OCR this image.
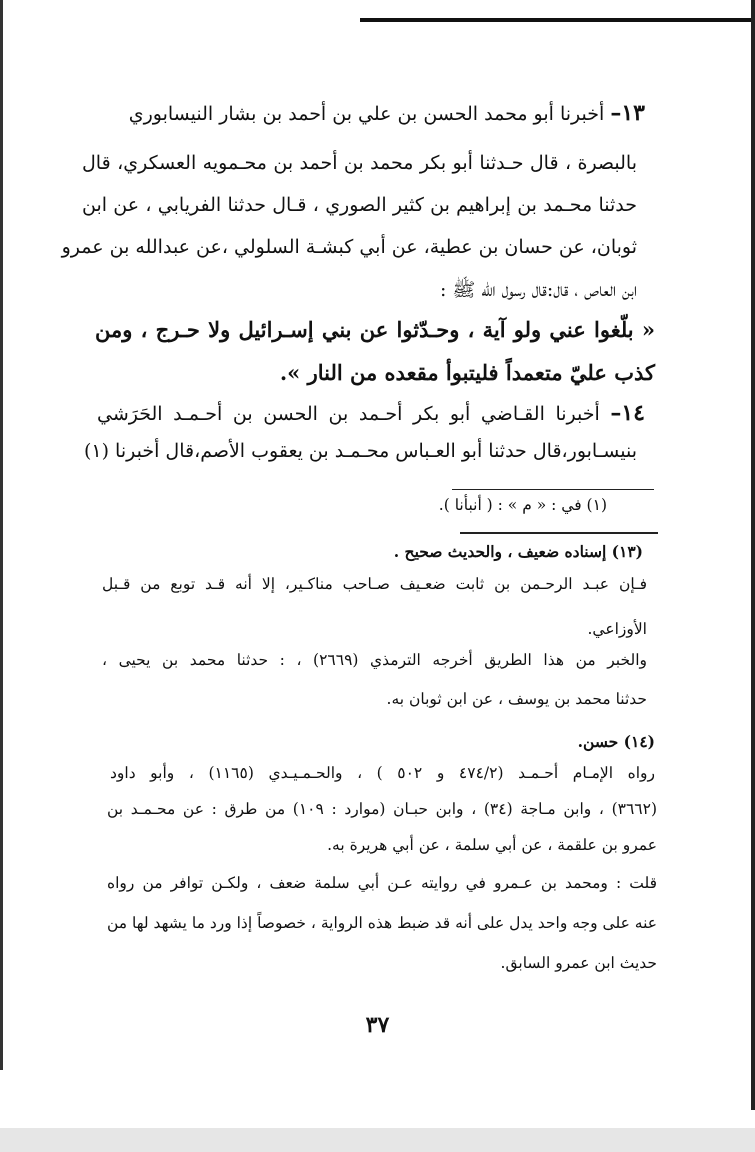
١٣– أخبرنا أبو محمد الحسن بن علي بن أحمد بن بشار النيسابوري
بالبصرة ، قال حـدثنا أبو بكر محمد بن أحمد بن محـمويه العسكري، قال
حدثنا محـمد بن إبراهيم بن كثير الصوري ، قـال حدثنا الفريابي ، عن ابن
ثوبان، عن حسان بن عطية، عن أبي كبشـة السلولي ،عن عبدالله بن عمرو
ابن العاص ، قال:قال رسول الله ﷺ :
« بلّغوا عني ولو آية ، وحـدّثوا عن بني إسـرائيل ولا حـرج ، ومن
كذب عليّ متعمداً فليتبوأ مقعده من النار ».
١٤– أخبرنا القـاضي أبو بكر أحـمد بن الحسن بن أحـمـد الحَرَشي
بنيسـابور،قال حدثنا أبو العـباس محـمـد بن يعقوب الأصم،قال أخبرنا (١)
(١) في : « م » : ( أنبأنا ).
(١٣) إسناده ضعيف ، والحديث صحيح .
فـإن عبـد الرحـمن بن ثابت ضعـيف صـاحب مناكـير، إلا أنه قـد توبع من قـبل
الأوزاعي.
والخبر من هذا الطريق أخرجه الترمذي (٢٦٦٩) ، : حدثنا محمد بن يحيى ،
حدثنا محمد بن يوسف ، عن ابن ثوبان به.
(١٤) حسن.
رواه الإمـام أحـمـد (٤٧٤/٢ و ٥٠٢ ) ، والحـمـيـدي (١١٦٥) ، وأبو داود
(٣٦٦٢) ، وابن مـاجة (٣٤) ، وابن حبـان (موارد : ١٠٩) من طرق : عن محـمـد بن
عمرو بن علقمة ، عن أبي سلمة ، عن أبي هريرة به.
قلت : ومحمد بن عـمرو في روايته عـن أبي سلمة ضعف ، ولكـن توافر من رواه
عنه على وجه واحد يدل على أنه قد ضبط هذه الرواية ، خصوصاً إذا ورد ما يشهد لها من
حديث ابن عمرو السابق.
٣٧
